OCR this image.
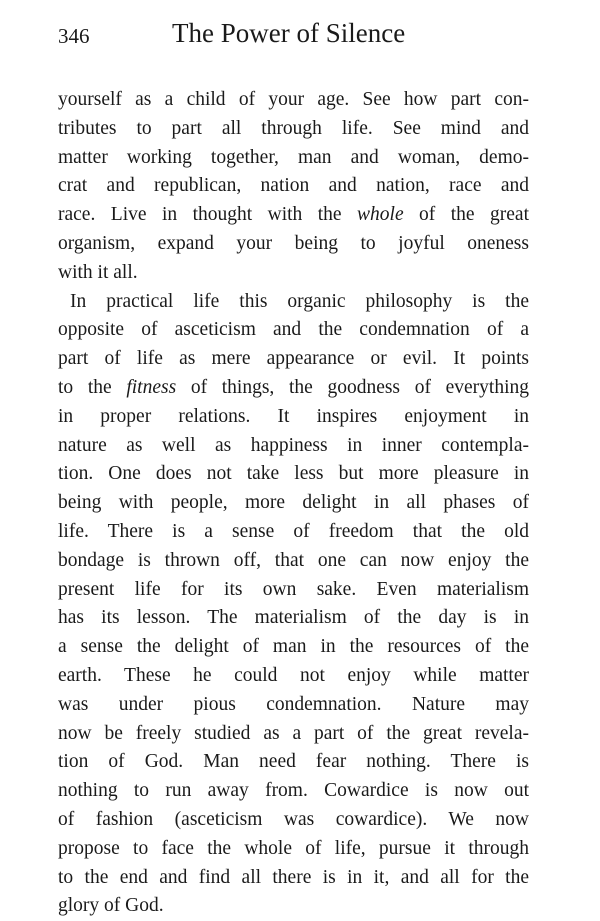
346	The Power of Silence
yourself as a child of your age. See how part con-
tributes to part all through life. See mind and
matter working together, man and woman, demo-
crat and republican, nation and nation, race and
race. Live in thought with the whole of the great
organism, expand your being to joyful oneness
with it all.
In practical life this organic philosophy is the
opposite of asceticism and the condemnation of a
part of life as mere appearance or evil. It points
to the fitness of things, the goodness of everything
in proper relations. It inspires enjoyment in
nature as well as happiness in inner contempla-
tion. One does not take less but more pleasure in
being with people, more delight in all phases of
life. There is a sense of freedom that the old
bondage is thrown off, that one can now enjoy the
present life for its own sake. Even materialism
has its lesson. The materialism of the day is in
a sense the delight of man in the resources of the
earth. These he could not enjoy while matter
was under pious condemnation. Nature may
now be freely studied as a part of the great revela-
tion of God. Man need fear nothing. There is
nothing to run away from. Cowardice is now out
of fashion (asceticism was cowardice). We now
propose to face the whole of life, pursue it through
to the end and find all there is in it, and all for the
glory of God.
